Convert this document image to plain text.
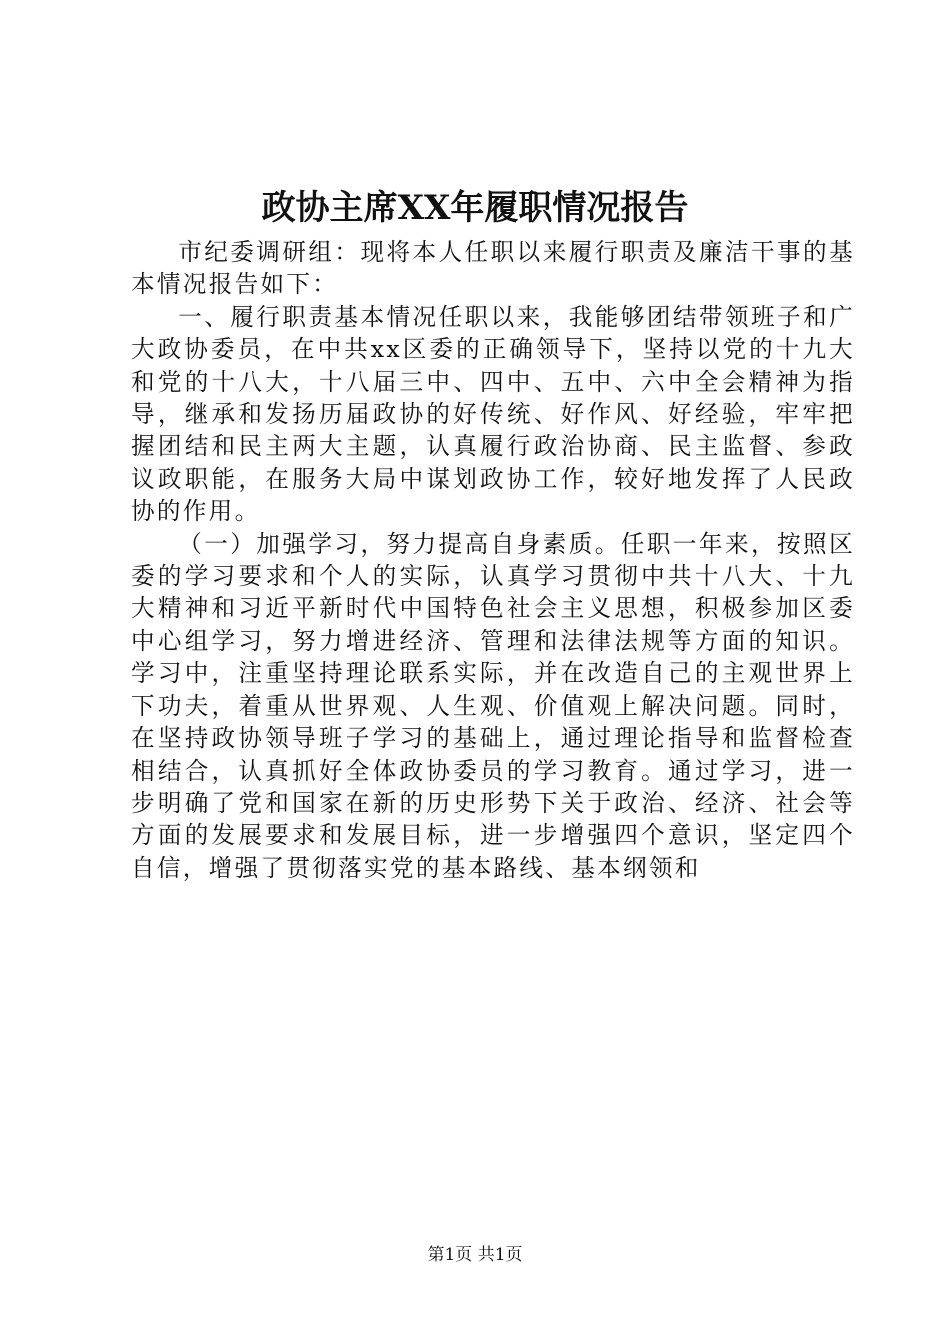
政协主席XX年履职情况报告

市纪委调研组：现将本人任职以来履行职责及廉洁干事的基本情况报告如下：

一、履行职责基本情况任职以来，我能够团结带领班子和广大政协委员，在中共xx区委的正确领导下，坚持以党的十九大和党的十八大，十八届三中、四中、五中、六中全会精神为指导，继承和发扬历届政协的好传统、好作风、好经验，牢牢把握团结和民主两大主题，认真履行政治协商、民主监督、参政议政职能，在服务大局中谋划政协工作，较好地发挥了人民政协的作用。

（一）加强学习，努力提高自身素质。任职一年来，按照区委的学习要求和个人的实际，认真学习贯彻中共十八大、十九大精神和习近平新时代中国特色社会主义思想，积极参加区委中心组学习，努力增进经济、管理和法律法规等方面的知识。学习中，注重坚持理论联系实际，并在改造自己的主观世界上下功夫，着重从世界观、人生观、价值观上解决问题。同时，在坚持政协领导班子学习的基础上，通过理论指导和监督检查相结合，认真抓好全体政协委员的学习教育。通过学习，进一步明确了党和国家在新的历史形势下关于政治、经济、社会等方面的发展要求和发展目标，进一步增强四个意识，坚定四个自信，增强了贯彻落实党的基本路线、基本纲领和

第1页 共1页
